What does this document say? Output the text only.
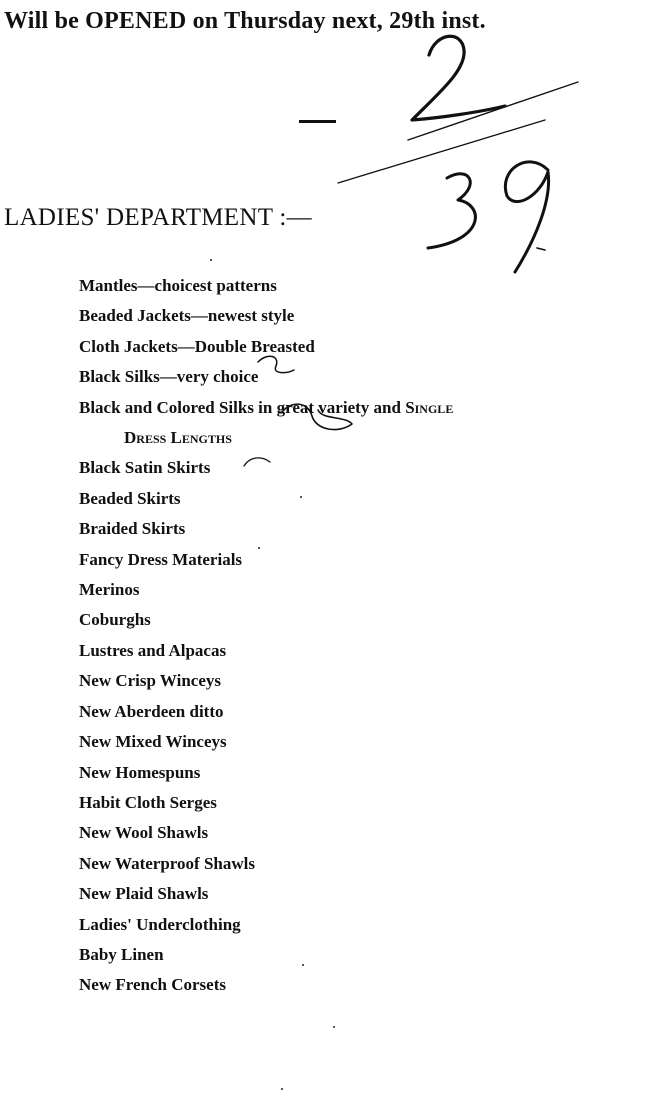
Will be OPENED on Thursday next, 29th inst.
LADIES' DEPARTMENT :—
Mantles—choicest patterns
Beaded Jackets—newest style
Cloth Jackets—Double Breasted
Black Silks—very choice
Black and Colored Silks in great variety and Single
Dress Lengths
Black Satin Skirts
Beaded Skirts
Braided Skirts
Fancy Dress Materials
Merinos
Coburghs
Lustres and Alpacas
New Crisp Winceys
New Aberdeen ditto
New Mixed Winceys
New Homespuns
Habit Cloth Serges
New Wool Shawls
New Waterproof Shawls
New Plaid Shawls
Ladies' Underclothing
Baby Linen
New French Corsets
